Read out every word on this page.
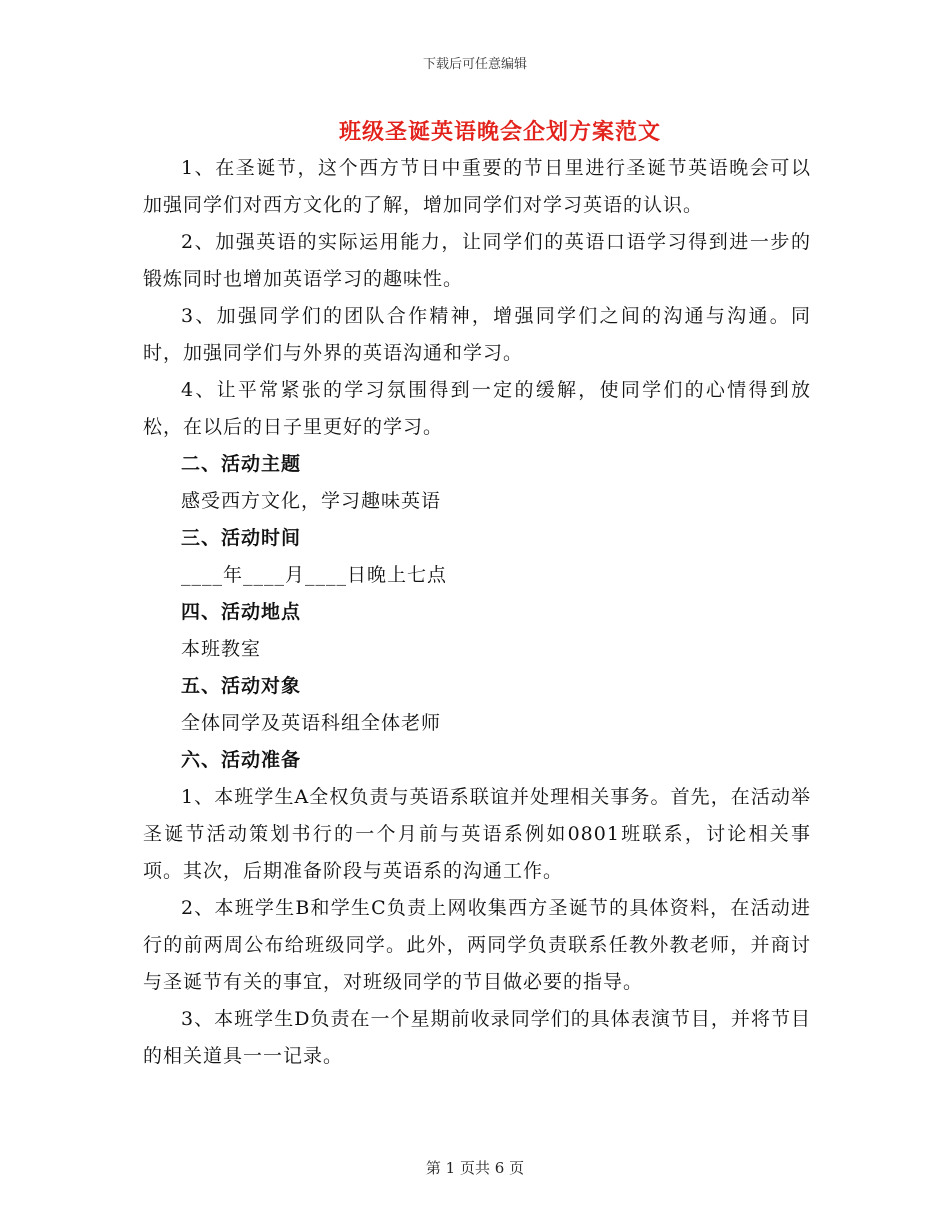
下载后可任意编辑
班级圣诞英语晚会企划方案范文

1、在圣诞节，这个西方节日中重要的节日里进行圣诞节英语晚会可以加强同学们对西方文化的了解，增加同学们对学习英语的认识。

2、加强英语的实际运用能力，让同学们的英语口语学习得到进一步的锻炼同时也增加英语学习的趣味性。

3、加强同学们的团队合作精神，增强同学们之间的沟通与沟通。同时，加强同学们与外界的英语沟通和学习。

4、让平常紧张的学习氛围得到一定的缓解，使同学们的心情得到放松，在以后的日子里更好的学习。

二、活动主题

感受西方文化，学习趣味英语

三、活动时间

____年____月____日晚上七点

四、活动地点

本班教室

五、活动对象

全体同学及英语科组全体老师

六、活动准备

1、本班学生A全权负责与英语系联谊并处理相关事务。首先，在活动举圣诞节活动策划书行的一个月前与英语系例如0801班联系，讨论相关事项。其次，后期准备阶段与英语系的沟通工作。

2、本班学生B和学生C负责上网收集西方圣诞节的具体资料，在活动进行的前两周公布给班级同学。此外，两同学负责联系任教外教老师，并商讨与圣诞节有关的事宜，对班级同学的节目做必要的指导。

3、本班学生D负责在一个星期前收录同学们的具体表演节目，并将节目的相关道具一一记录。

第 1 页共 6 页
